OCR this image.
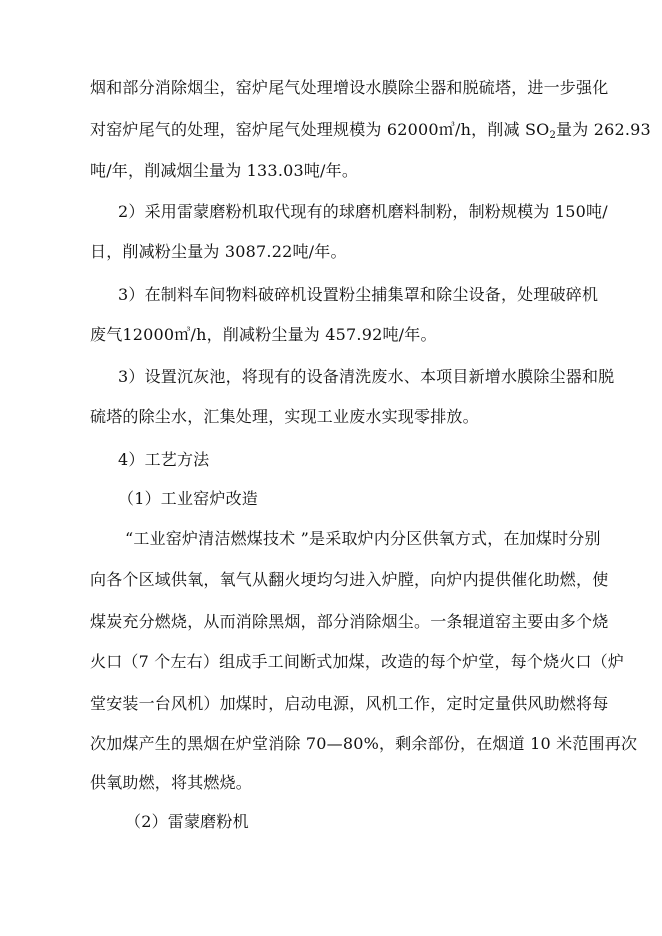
烟和部分消除烟尘，窑炉尾气处理增设水膜除尘器和脱硫塔，进一步强化
对窑炉尾气的处理，窑炉尾气处理规模为 62000㎥/h，削减 $SO_2$量为 262.93
吨/年，削减烟尘量为 133.03吨/年。
2）采用雷蒙磨粉机取代现有的球磨机磨料制粉，制粉规模为 150吨/
日，削减粉尘量为 3087.22吨/年。
3）在制料车间物料破碎机设置粉尘捕集罩和除尘设备，处理破碎机
废气12000㎥/h，削减粉尘量为 457.92吨/年。
3）设置沉灰池，将现有的设备清洗废水、本项目新增水膜除尘器和脱
硫塔的除尘水，汇集处理，实现工业废水实现零排放。
4）工艺方法
（1）工业窑炉改造
“工业窑炉清洁燃煤技术 ”是采取炉内分区供氧方式，在加煤时分别
向各个区域供氧，氧气从翻火埂均匀进入炉膛，向炉内提供催化助燃，使
煤炭充分燃烧，从而消除黑烟，部分消除烟尘。一条辊道窑主要由多个烧
火口（7 个左右）组成手工间断式加煤，改造的每个炉堂，每个烧火口（炉
堂安装一台风机）加煤时，启动电源，风机工作，定时定量供风助燃将每
次加煤产生的黑烟在炉堂消除 70—80%，剩余部份，在烟道 10 米范围再次
供氧助燃，将其燃烧。
（2）雷蒙磨粉机
